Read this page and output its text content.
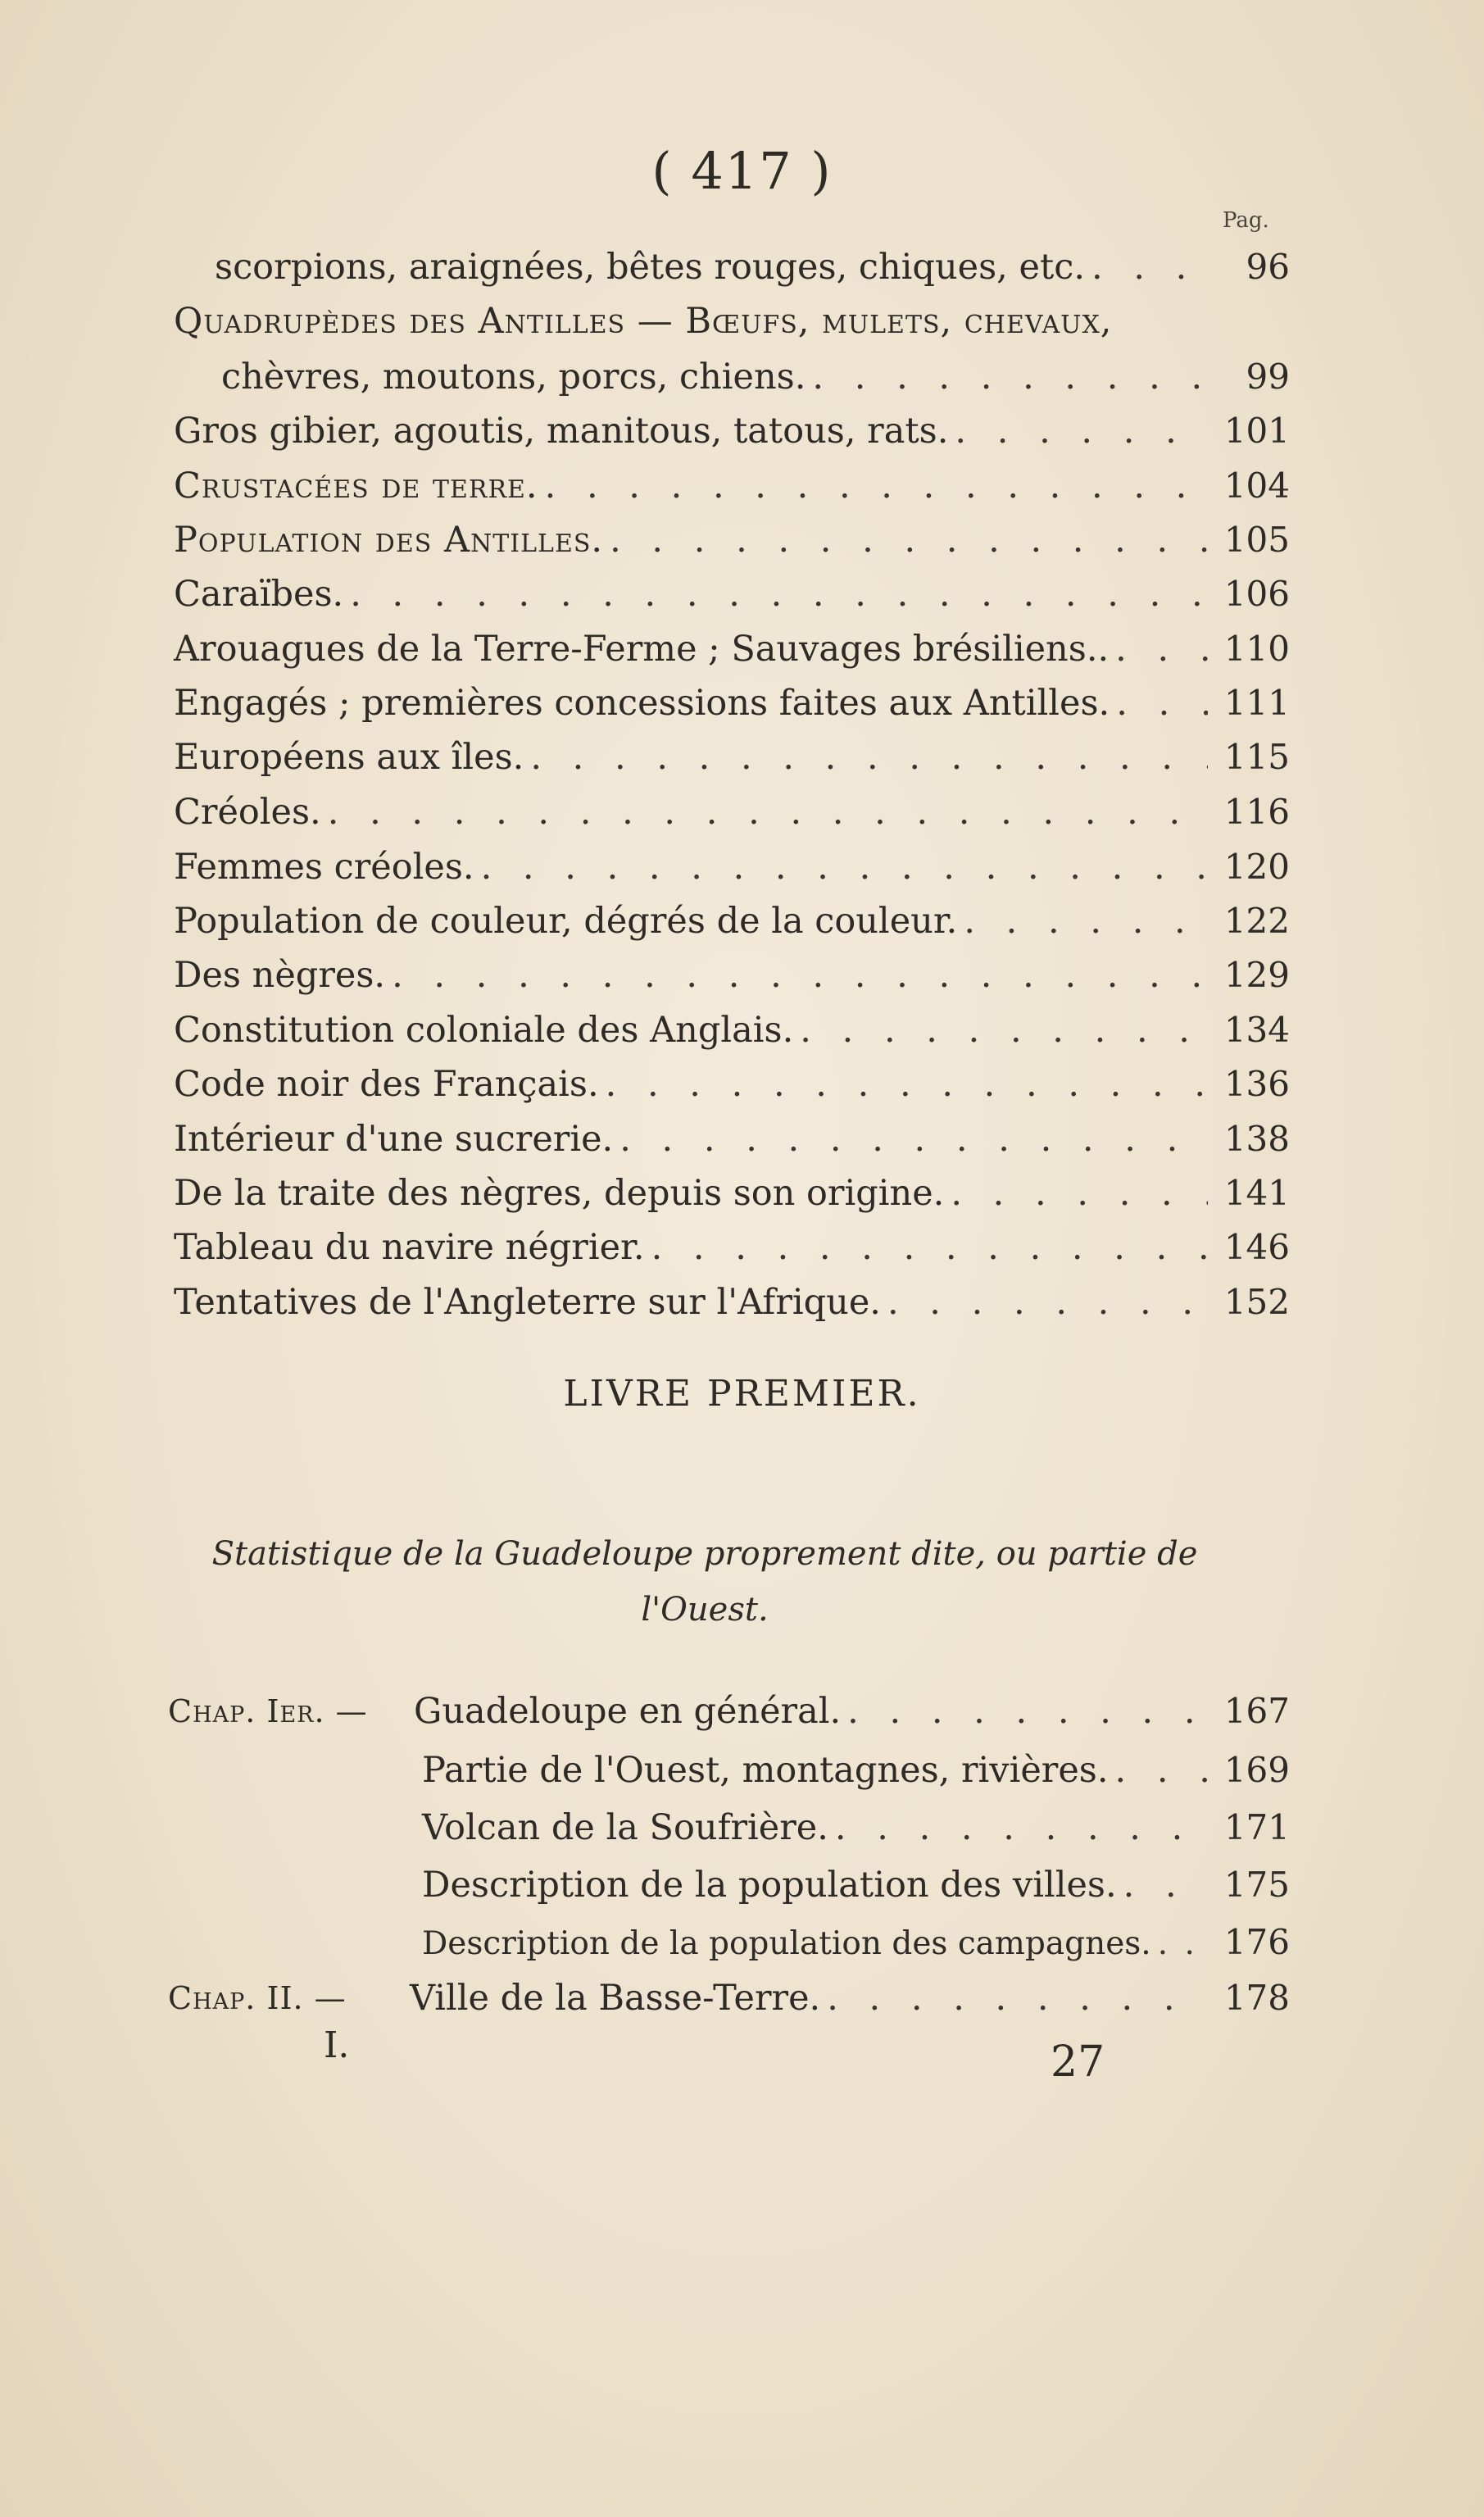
( 417 )
Pag.
scorpions, araignées, bêtes rouges, chiques, etc. . . .	96
Quadrupèdes des Antilles — Bœufs, mulets, chevaux,
chèvres, moutons, porcs, chiens. . . .	99
Gros gibier, agoutis, manitous, tatous, rats. . . .	101
Crustacées de terre. . . .	104
Population des Antilles. . . .	105
Caraïbes. . . .	106
Arouagues de la Terre-Ferme ; Sauvages brésiliens.. . . .	110
Engagés ; premières concessions faites aux Antilles. . . .	111
Européens aux îles. . . .	115
Créoles. . . .	116
Femmes créoles. . . .	120
Population de couleur, dégrés de la couleur. . . .	122
Des nègres. . . .	129
Constitution coloniale des Anglais. . . .	134
Code noir des Français. . . .	136
Intérieur d'une sucrerie. . . .	138
De la traite des nègres, depuis son origine. . . .	141
Tableau du navire négrier. . . .	146
Tentatives de l'Angleterre sur l'Afrique. . . .	152
LIVRE PREMIER.
Statistique de la Guadeloupe proprement dite, ou partie de l'Ouest.
Chap. Ier. — Guadeloupe en général. . . .	167
Partie de l'Ouest, montagnes, rivières. . . .	169
Volcan de la Soufrière. . . .	171
Description de la population des villes. . . .	175
Description de la population des campagnes. . . . 176
Chap. II. — Ville de la Basse-Terre. . . .	178
I.	27
